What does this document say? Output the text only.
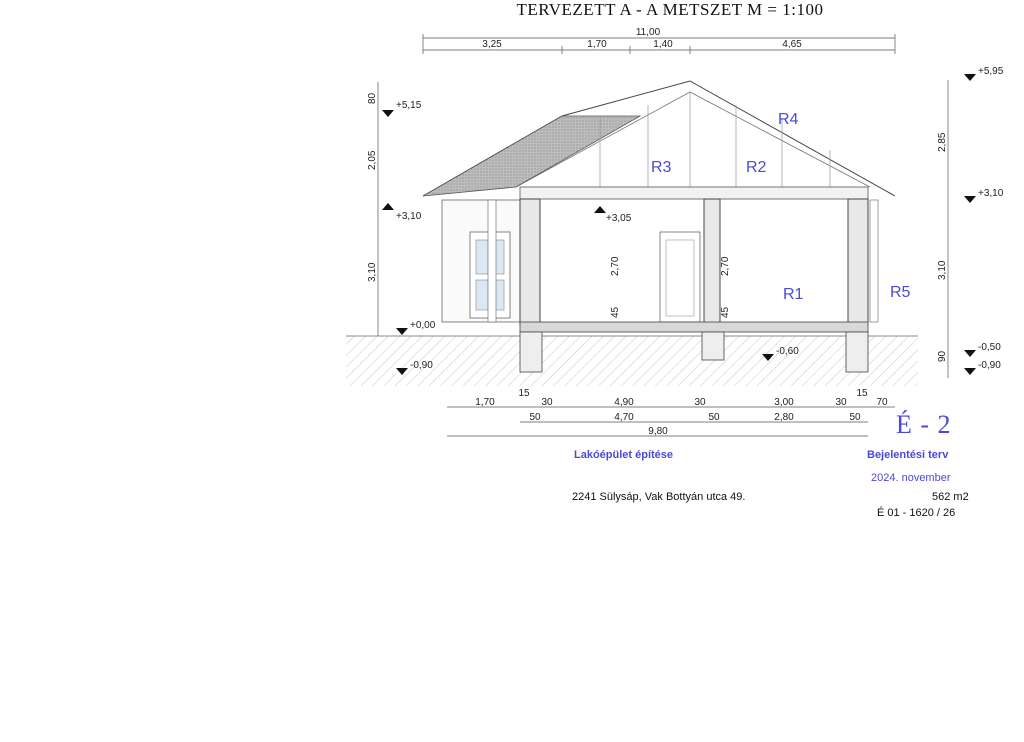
TERVEZETT A - A METSZET M = 1:100
R4
R3	R2
R1	R5
11,00
3,25	1,70	1,40	4,65
80
2,05
3,10
2,85
3,10
90
2,70
45
2,70
45
+5,15
+3,10	+3,05
+0,00
-0,90
-0,60
+5,95
+3,10
-0,50
-0,90
1,70
15
30	4,90	30	3,00	30
15
70
50	4,70	50	2,80	50
9,80	É - 2
Lakóépület építése	Bejelentési terv
2024. november
2241 Sülysáp, Vak Bottyán utca 49.	562 m2
É 01 - 1620 / 26
